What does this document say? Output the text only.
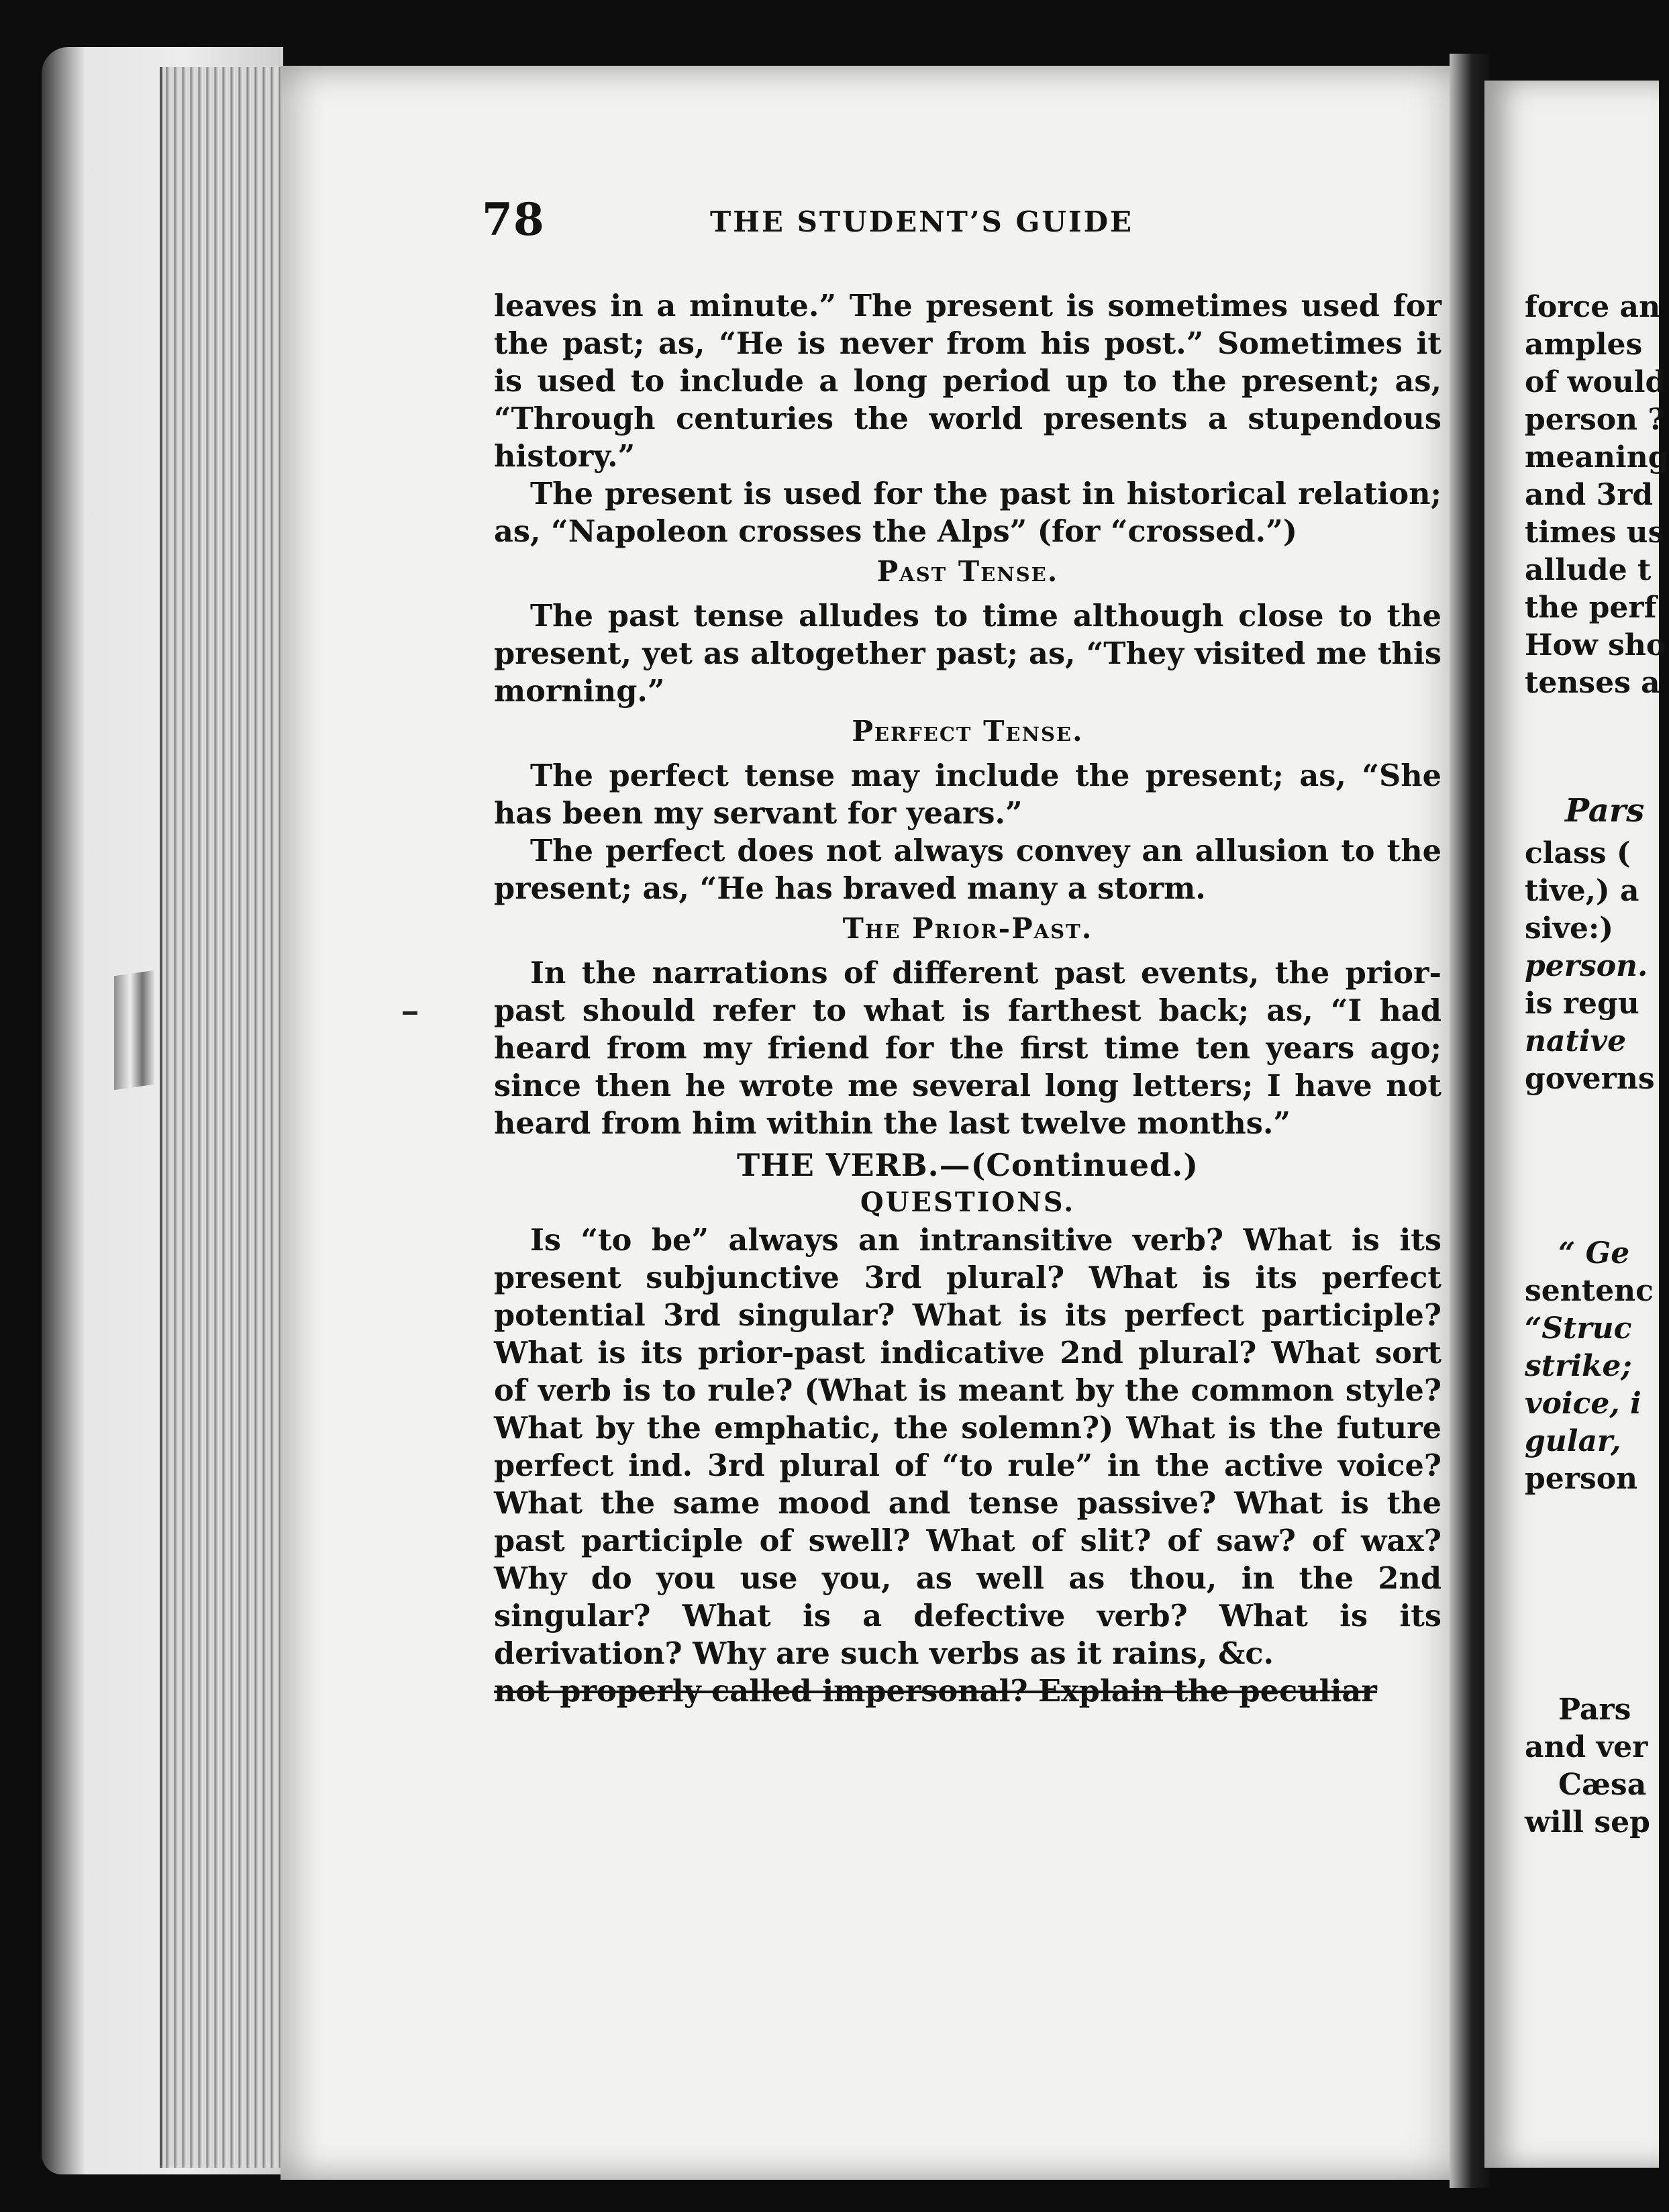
78	THE STUDENT’S GUIDE

leaves in a minute.” The present is sometimes used for the past; as, “He is never from his post.” Sometimes it is used to include a long period up to the present; as, “Through centuries the world presents a stupendous history.”

The present is used for the past in historical relation; as, “Napoleon crosses the Alps” (for “crossed.”)

Past Tense.

The past tense alludes to time although close to the present, yet as altogether past; as, “They visited me this morning.”

Perfect Tense.

The perfect tense may include the present; as, “She has been my servant for years.”

The perfect does not always convey an allusion to the present; as, “He has braved many a storm.

The Prior-Past.

In the narrations of different past events, the prior-past should refer to what is farthest back; as, “I had heard from my friend for the first time ten years ago; since then he wrote me several long letters; I have not heard from him within the last twelve months.”

THE VERB.—(Continued.)

QUESTIONS.

Is “to be” always an intransitive verb? What is its present subjunctive 3rd plural? What is its perfect potential 3rd singular? What is its perfect participle? What is its prior-past indicative 2nd plural? What sort of verb is to rule? (What is meant by the common style? What by the emphatic, the solemn?) What is the future perfect ind. 3rd plural of “to rule” in the active voice? What the same mood and tense passive? What is the past participle of swell? What of slit? of saw? of wax? Why do you use you, as well as thou, in the 2nd singular? What is a defective verb? What is its derivation? Why are such verbs as it rains, &c.

not properly called impersonal? Explain the peculiar

force an
amples
of would
person ?
meaning
and 3rd
times us
allude t
the perf
How sho
tenses a
Pars
class (
tive,) a
sive:)
person.
is regu
native
governs
“ Ge
sentenc
“Struc
strike;
voice, i
gular,
person
Pars
and ver
Cæsa
will sep
